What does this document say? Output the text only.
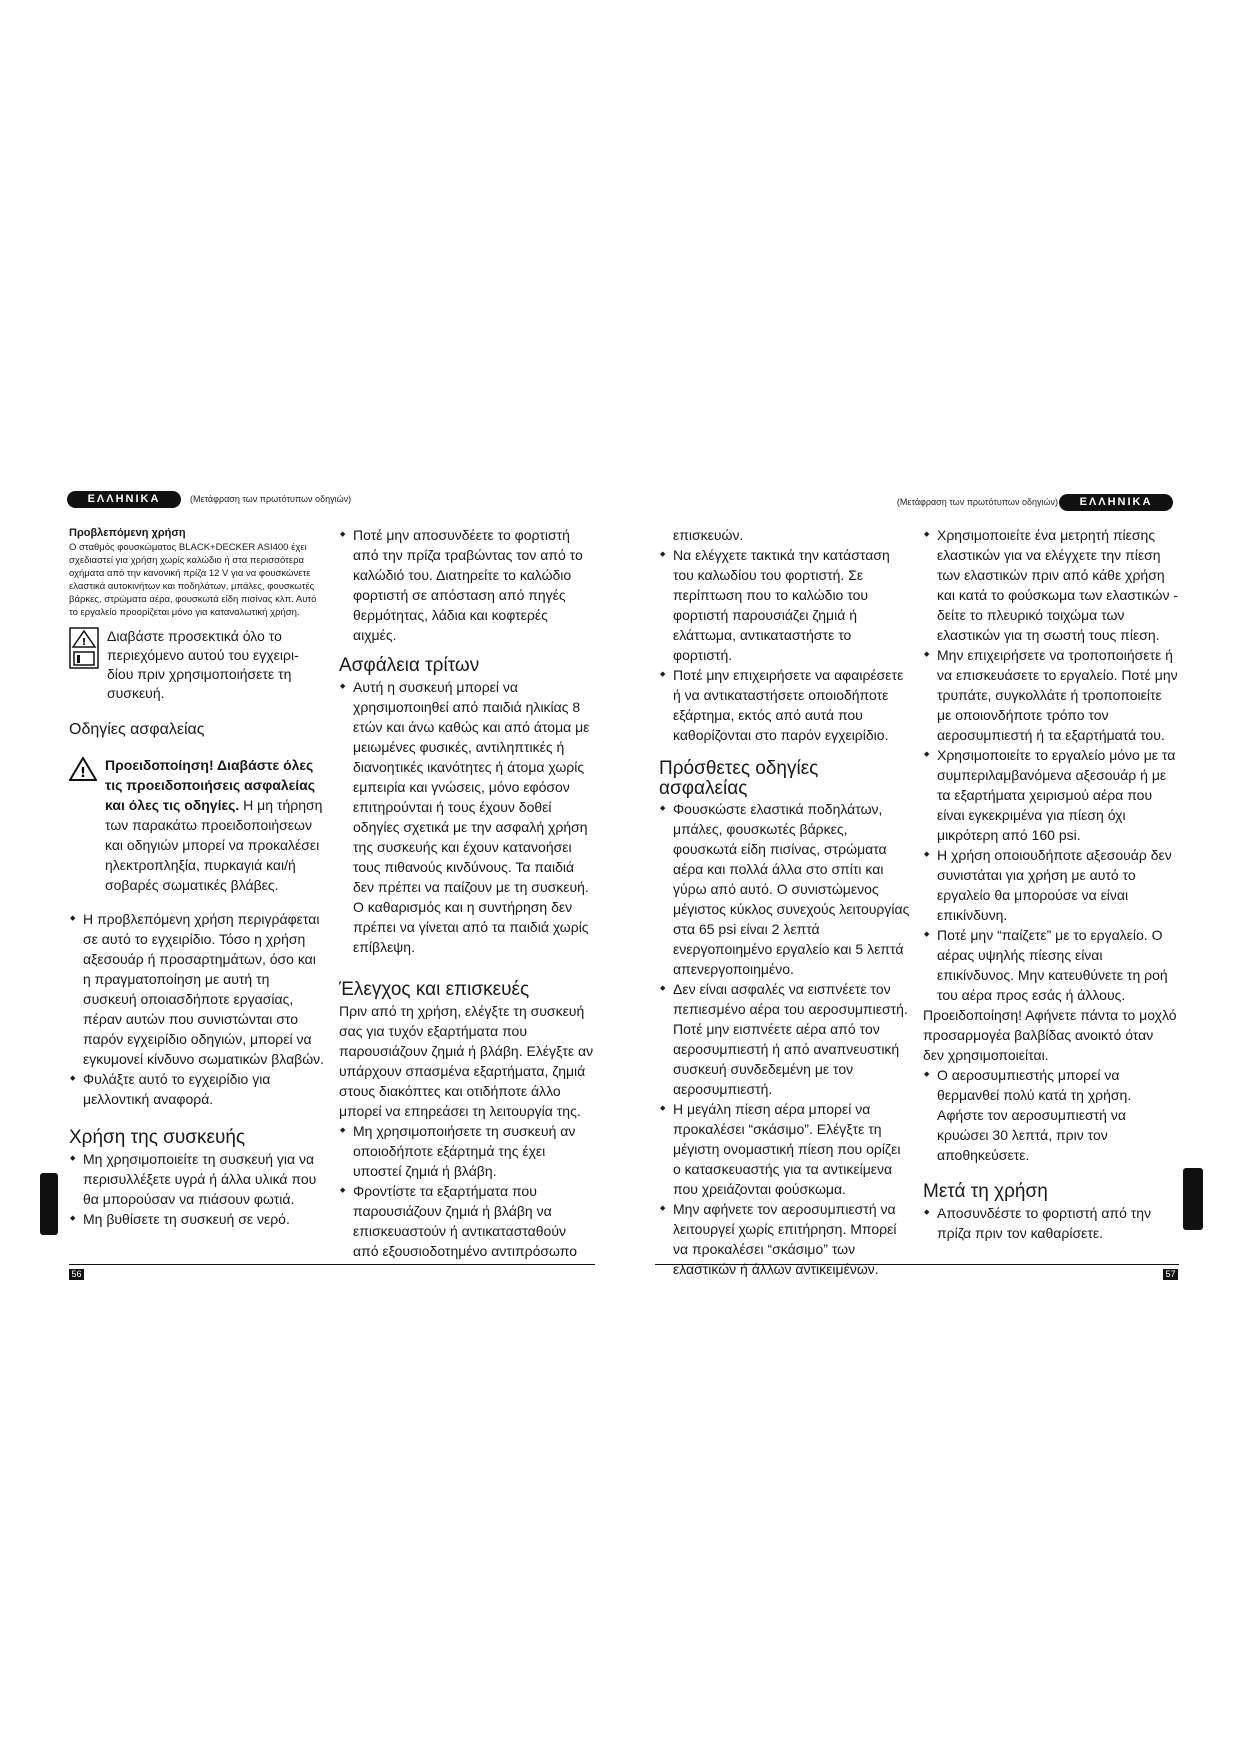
ΕΛΛΗΝΙΚΑ	(Μετάφραση των πρωτότυπων οδηγιών)	(Μετάφραση των πρωτότυπων οδηγιών)	ΕΛΛΗΝΙΚΑ
Προβλεπόμενη χρήση

Ο σταθμός φουσκώματος BLACK+DECKER ASI400 έχει σχεδιαστεί για χρήση χωρίς καλώδιο ή στα περισσότερα οχήματα από την κανονική πρίζα 12 V για να φουσκώνετε ελαστικά αυτοκινήτων και ποδηλάτων, μπάλες, φουσκωτές βάρκες, στρώματα αέρα, φουσκωτά είδη πισίνας κλπ. Αυτό το εργαλείο προορίζεται μόνο για καταναλωτική χρήση.

! Διαβάστε προσεκτικά όλο το περιεχόμενο αυτού του εγχειριδίου πριν χρησιμοποιήσετε τη συσκευή.

Οδηγίες ασφαλείας
!

Προειδοποίηση! Διαβάστε όλες τις προειδοποιήσεις ασφαλείας και όλες τις οδηγίες. Η μη τήρηση των παρακάτω προειδοποιήσεων και οδηγιών μπορεί να προκαλέσει ηλεκτροπληξία, πυρκαγιά και/ή σοβαρές σωματικές βλάβες.

◆ Η προβλεπόμενη χρήση περιγράφεται σε αυτό το εγχειρίδιο. Τόσο η χρήση αξεσουάρ ή προσαρτημάτων, όσο και η πραγματοποίηση με αυτή τη συσκευή οποιασδήποτε εργασίας, πέραν αυτών που συνιστώνται στο παρόν εγχειρίδιο οδηγιών, μπορεί να εγκυμονεί κίνδυνο σωματικών βλαβών.
◆ Φυλάξτε αυτό το εγχειρίδιο για μελλοντική αναφορά.
Χρήση της συσκευής
◆ Μη χρησιμοποιείτε τη συσκευή για να περισυλλέξετε υγρά ή άλλα υλικά που θα μπορούσαν να πιάσουν φωτιά.
◆ Μη βυθίσετε τη συσκευή σε νερό.
◆ Ποτέ μην αποσυνδέετε το φορτιστή από την πρίζα τραβώντας τον από το καλώδιό του. Διατηρείτε το καλώδιο φορτιστή σε απόσταση από πηγές θερμότητας, λάδια και κοφτερές αιχμές.
Ασφάλεια τρίτων
◆ Αυτή η συσκευή μπορεί να χρησιμοποιηθεί από παιδιά ηλικίας 8 ετών και άνω καθώς και από άτομα με μειωμένες φυσικές, αντιληπτικές ή διανοητικές ικανότητες ή άτομα χωρίς εμπειρία και γνώσεις, μόνο εφόσον επιτηρούνται ή τους έχουν δοθεί οδηγίες σχετικά με την ασφαλή χρήση της συσκευής και έχουν κατανοήσει τους πιθανούς κινδύνους. Τα παιδιά δεν πρέπει να παίζουν με τη συσκευή. Ο καθαρισμός και η συντήρηση δεν πρέπει να γίνεται από τα παιδιά χωρίς επίβλεψη.
Έλεγχος και επισκευές

Πριν από τη χρήση, ελέγξτε τη συσκευή σας για τυχόν εξαρτήματα που παρουσιάζουν ζημιά ή βλάβη. Ελέγξτε αν υπάρχουν σπασμένα εξαρτήματα, ζημιά στους διακόπτες και οτιδήποτε άλλο μπορεί να επηρεάσει τη λειτουργία της.

◆ Μη χρησιμοποιήσετε τη συσκευή αν οποιοδήποτε εξάρτημά της έχει υποστεί ζημιά ή βλάβη.
◆ Φροντίστε τα εξαρτήματα που παρουσιάζουν ζημιά ή βλάβη να επισκευαστούν ή αντικατασταθούν από εξουσιοδοτημένο αντιπρόσωπο

επισκευών.

◆ Να ελέγχετε τακτικά την κατάσταση του καλωδίου του φορτιστή. Σε περίπτωση που το καλώδιο του φορτιστή παρουσιάζει ζημιά ή ελάττωμα, αντικαταστήστε το φορτιστή.
◆ Ποτέ μην επιχειρήσετε να αφαιρέσετε ή να αντικαταστήσετε οποιοδήποτε εξάρτημα, εκτός από αυτά που καθορίζονται στο παρόν εγχειρίδιο.
Πρόσθετες οδηγίες ασφαλείας
◆ Φουσκώστε ελαστικά ποδηλάτων, μπάλες, φουσκωτές βάρκες, φουσκωτά είδη πισίνας, στρώματα αέρα και πολλά άλλα στο σπίτι και γύρω από αυτό. Ο συνιστώμενος μέγιστος κύκλος συνεχούς λειτουργίας στα 65 psi είναι 2 λεπτά ενεργοποιημένο εργαλείο και 5 λεπτά απενεργοποιημένο.
◆ Δεν είναι ασφαλές να εισπνέετε τον πεπιεσμένο αέρα του αεροσυμπιεστή. Ποτέ μην εισπνέετε αέρα από τον αεροσυμπιεστή ή από αναπνευστική συσκευή συνδεδεμένη με τον αεροσυμπιεστή.
◆ Η μεγάλη πίεση αέρα μπορεί να προκαλέσει “σκάσιμο”. Ελέγξτε τη μέγιστη ονομαστική πίεση που ορίζει ο κατασκευαστής για τα αντικείμενα που χρειάζονται φούσκωμα.
◆ Μην αφήνετε τον αεροσυμπιεστή να λειτουργεί χωρίς επιτήρηση. Μπορεί να προκαλέσει “σκάσιμο” των ελαστικών ή άλλων αντικειμένων.
◆ Χρησιμοποιείτε ένα μετρητή πίεσης ελαστικών για να ελέγχετε την πίεση των ελαστικών πριν από κάθε χρήση και κατά το φούσκωμα των ελαστικών - δείτε το πλευρικό τοιχώμα των ελαστικών για τη σωστή τους πίεση.
◆ Μην επιχειρήσετε να τροποποιήσετε ή να επισκευάσετε το εργαλείο. Ποτέ μην τρυπάτε, συγκολλάτε ή τροποποιείτε με οποιονδήποτε τρόπο τον αεροσυμπιεστή ή τα εξαρτήματά του.
◆ Χρησιμοποιείτε το εργαλείο μόνο με τα συμπεριλαμβανόμενα αξεσουάρ ή με τα εξαρτήματα χειρισμού αέρα που είναι εγκεκριμένα για πίεση όχι μικρότερη από 160 psi.
◆ Η χρήση οποιουδήποτε αξεσουάρ δεν συνιστάται για χρήση με αυτό το εργαλείο θα μπορούσε να είναι επικίνδυνη.
◆ Ποτέ μην “παίζετε” με το εργαλείο. Ο αέρας υψηλής πίεσης είναι επικίνδυνος. Μην κατευθύνετε τη ροή του αέρα προς εσάς ή άλλους.

Προειδοποίηση! Αφήνετε πάντα το μοχλό προσαρμογέα βαλβίδας ανοικτό όταν δεν χρησιμοποιείται.

◆ Ο αεροσυμπιεστής μπορεί να θερμανθεί πολύ κατά τη χρήση. Αφήστε τον αεροσυμπιεστή να κρυώσει 30 λεπτά, πριν τον αποθηκεύσετε.
Μετά τη χρήση
◆ Αποσυνδέστε το φορτιστή από την πρίζα πριν τον καθαρίσετε.
56	57
